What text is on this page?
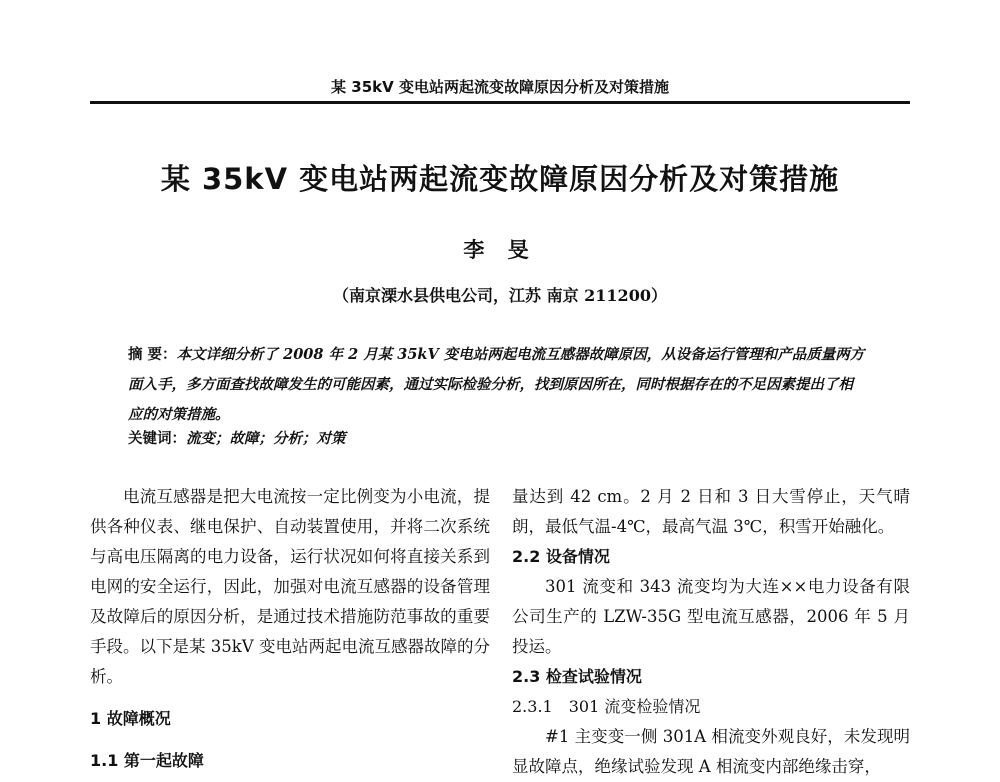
某 35kV 变电站两起流变故障原因分析及对策措施
某 35kV 变电站两起流变故障原因分析及对策措施
李 旻
（南京溧水县供电公司，江苏 南京 211200）
摘 要：本文详细分析了 2008 年 2 月某 35kV 变电站两起电流互感器故障原因，从设备运行管理和产品质量两方面入手，多方面查找故障发生的可能因素，通过实际检验分析，找到原因所在，同时根据存在的不足因素提出了相应的对策措施。
关键词：流变；故障；分析；对策

电流互感器是把大电流按一定比例变为小电流，提供各种仪表、继电保护、自动装置使用，并将二次系统与高电压隔离的电力设备，运行状况如何将直接关系到电网的安全运行，因此，加强对电流互感器的设备管理及故障后的原因分析，是通过技术措施防范事故的重要手段。以下是某 35kV 变电站两起电流互感器故障的分析。

1 故障概况

1.1 第一起故障

量达到 42 cm。2 月 2 日和 3 日大雪停止，天气晴朗，最低气温-4℃，最高气温 3℃，积雪开始融化。

2.2 设备情况

301 流变和 343 流变均为大连××电力设备有限公司生产的 LZW-35G 型电流互感器，2006 年 5 月投运。

2.3 检查试验情况

2.3.1　301 流变检验情况

#1 主变变一侧 301A 相流变外观良好，未发现明显故障点，绝缘试验发现 A 相流变内部绝缘击穿，
